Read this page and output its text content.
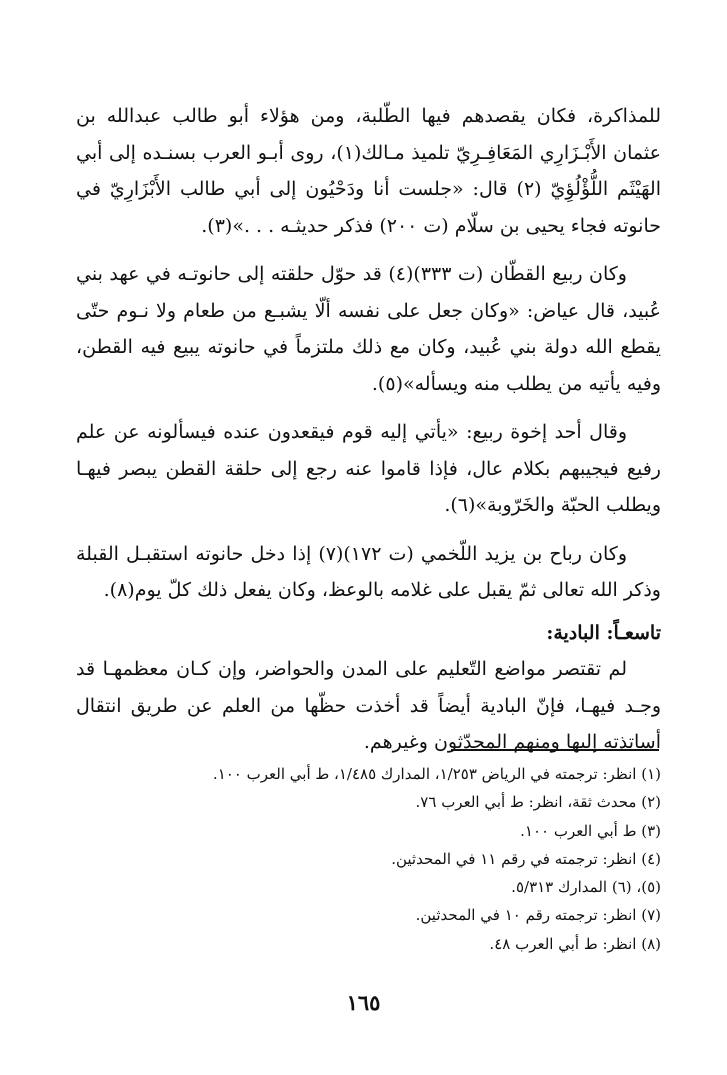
للمذاكرة، فكان يقصدهم فيها الطّلبة، ومن هؤلاء أبو طالب عبدالله بن عثمان الأَبْـزَارِي المَعَافِـرِيّ تلميذ مـالك(١)، روى أبـو العرب بسنـده إلى أبي الهَيْثَم اللُّؤْلُؤِيّ (٢) قال: «جلست أنا ودَحْيُون إلى أبي طالب الأَبْزَارِيّ في حانوته فجاء يحيى بن سلّام (ت ٢٠٠) فذكر حديثـه . . .»(٣).

وكان ربيع القطّان (ت ٣٣٣)(٤) قد حوّل حلقته إلى حانوتـه في عهد بني عُبيد، قال عياض: «وكان جعل على نفسه ألّا يشبـع من طعام ولا نـوم حتّى يقطع الله دولة بني عُبيد، وكان مع ذلك ملتزماً في حانوته يبيع فيه القطن، وفيه يأتيه من يطلب منه ويسأله»(٥).

وقال أحد إخوة ربيع: «يأتي إليه قوم فيقعدون عنده فيسألونه عن علم رفيع فيجيبهم بكلام عال، فإذا قاموا عنه رجع إلى حلقة القطن يبصر فيهـا ويطلب الحبّة والخَرّوبة»(٦).

وكان رباح بن يزيد اللّخمي (ت ١٧٢)(٧) إذا دخل حانوته استقبـل القبلة وذكر الله تعالى ثمّ يقبل على غلامه بالوعظ، وكان يفعل ذلك كلّ يوم(٨).

تاسعـاً: البادية:

لم تقتصر مواضع التّعليم على المدن والحواضر، وإن كـان معظمهـا قد وجـد فيهـا، فإنّ البادية أيضاً قد أخذت حظّها من العلم عن طريق انتقال أساتذته إليها ومنهم المحدّثون وغيرهم.

(١) انظر: ترجمته في الرياض ١/٢٥٣، المدارك ١/٤٨٥، ط أبي العرب ١٠٠.

(٢) محدث ثقة، انظر: ط أبي العرب ٧٦.

(٣) ط أبي العرب ١٠٠.

(٤) انظر: ترجمته في رقم ١١ في المحدثين.

(٥)، (٦) المدارك ٥/٣١٣.

(٧) انظر: ترجمته رقم ١٠ في المحدثين.

(٨) انظر: ط أبي العرب ٤٨.

١٦٥
